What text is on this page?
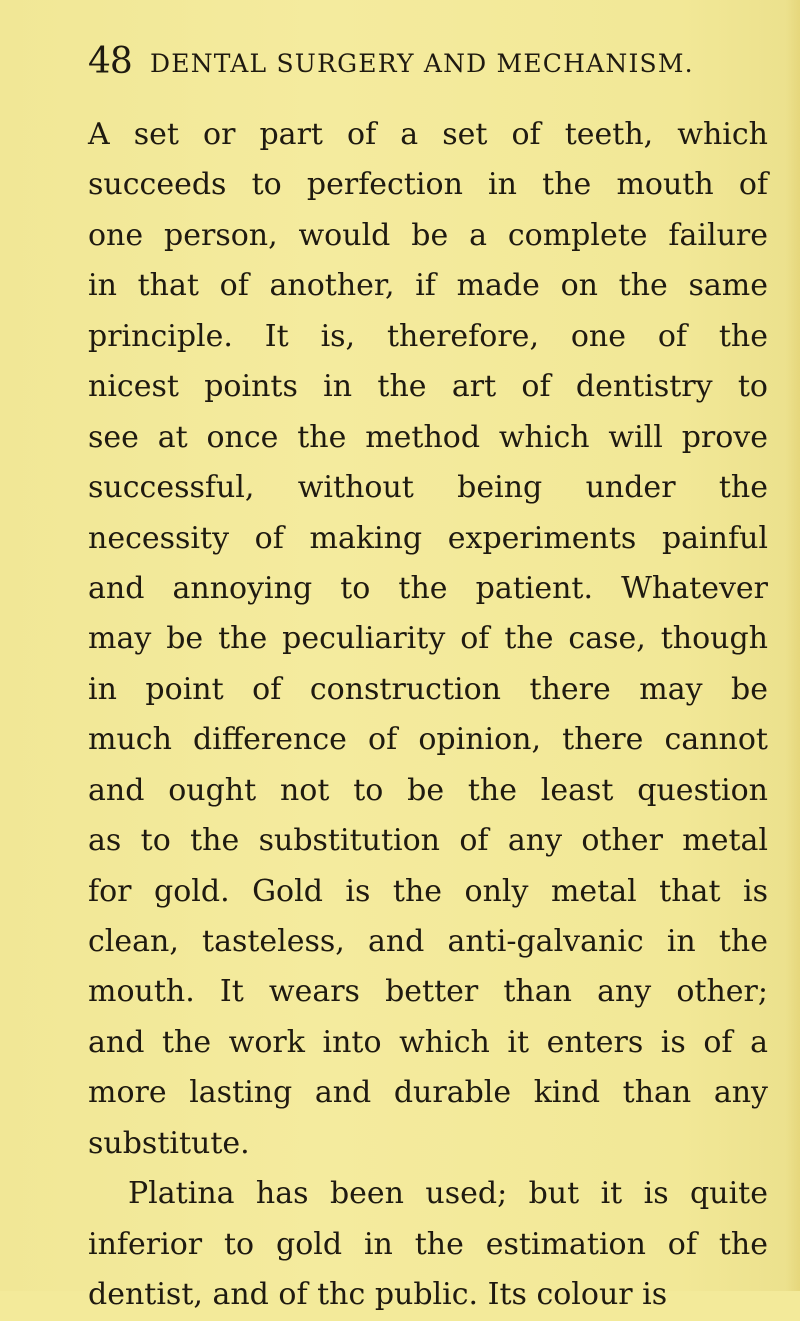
48 DENTAL SURGERY AND MECHANISM.
A set or part of a set of teeth, which
succeeds to perfection in the mouth of
one person, would be a complete failure
in that of another, if made on the same
principle. It is, therefore, one of the
nicest points in the art of dentistry to
see at once the method which will prove
successful, without being under the
necessity of making experiments painful
and annoying to the patient. Whatever
may be the peculiarity of the case, though
in point of construction there may be
much difference of opinion, there cannot
and ought not to be the least question
as to the substitution of any other metal
for gold. Gold is the only metal that is
clean, tasteless, and anti-galvanic in the
mouth. It wears better than any other;
and the work into which it enters is of a
more lasting and durable kind than any
substitute.
Platina has been used; but it is quite
inferior to gold in the estimation of the
dentist, and of thc public. Its colour is
